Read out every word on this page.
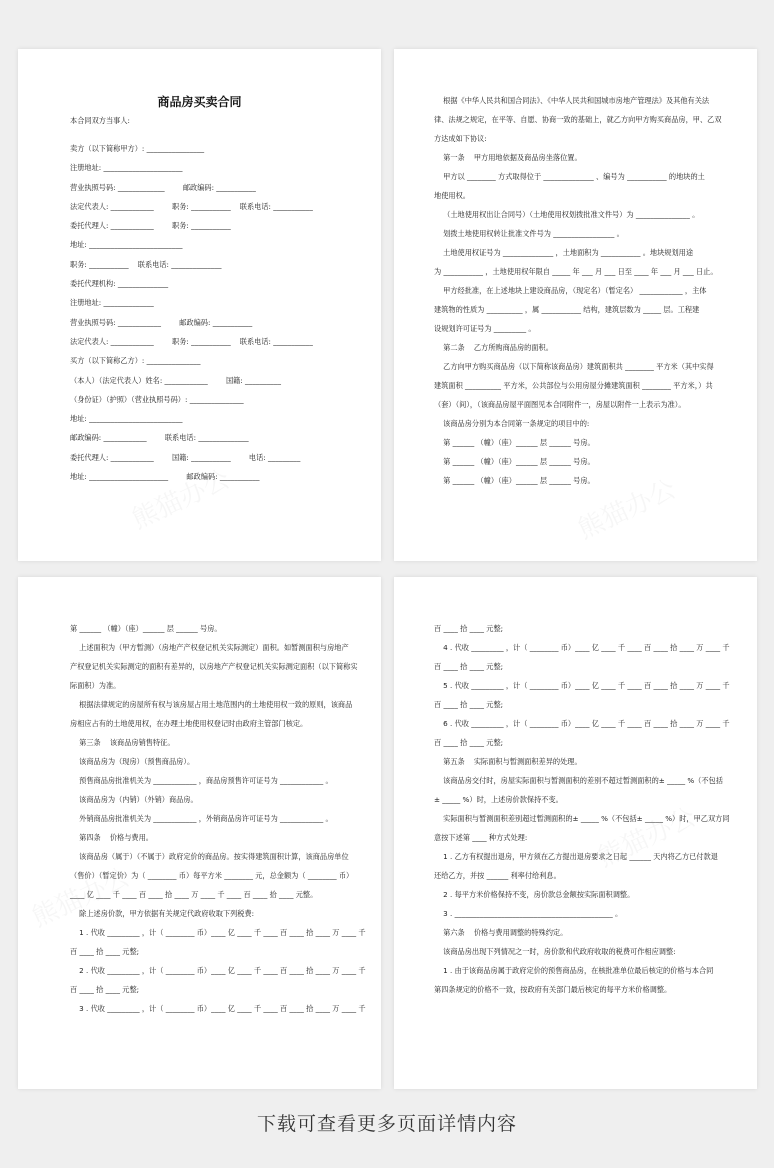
商品房买卖合同
本合同双方当事人:
卖方（以下简称甲方）: ________________
注册地址: ______________________
营业执照号码: _____________        邮政编码: ___________
法定代表人: ____________        职务: ___________    联系电话: ___________
委托代理人: ____________        职务: ___________
地址: __________________________
职务: ___________    联系电话: ______________
委托代理机构: ______________
注册地址: ______________
营业执照号码: ____________        邮政编码: ___________
法定代表人: ____________        职务: ___________    联系电话: ___________
买方（以下简称乙方）: _______________
（本人）（法定代表人）姓名: ____________        国籍: __________
（身份证）（护照）（营业执照号码）: _______________
地址: __________________________
邮政编码: ____________        联系电话: ______________
委托代理人: ____________        国籍: ___________        电话: _________
地址: ______________________        邮政编码: ___________
根据《中华人民共和国合同法》、《中华人民共和国城市房地产管理法》及其他有关法
律、法规之规定，在平等、自愿、协商一致的基础上，就乙方向甲方购买商品房，甲、乙双
方达成如下协议:
第一条    甲方用地依据及商品房坐落位置。
甲方以 ________ 方式取得位于 ______________ 、编号为 ___________ 的地块的土
地使用权。
（土地使用权出让合同号）（土地使用权划拨批准文件号）为 _______________ 。
划拨土地使用权转让批准文件号为 _________________ 。
土地使用权证号为 ______________ ，土地面积为 ___________ 。地块规划用途
为 ___________ ，土地使用权年限自 _____ 年 ___ 月 ___ 日至 ____ 年 ___ 月 ___ 日止。
甲方经批准，在上述地块上建设商品房，（现定名）（暂定名） ____________ ，主体
建筑物的性质为 __________ ，属 ___________ 结构，建筑层数为 _____ 层。工程建
设规划许可证号为 _________ 。
第二条    乙方所购商品房的面积。
乙方向甲方购买商品房（以下简称该商品房）建筑面积共 ________ 平方米（其中实得
建筑面积 __________ 平方米，公共部位与公用房屋分摊建筑面积 ________ 平方米，）共
（套）（间），（该商品房屋平面图见本合同附件一，房屋以附件一上表示为准）。
该商品房分别为本合同第一条规定的项目中的:
第 ______ （幢）（座）______ 层 ______ 号房。
第 ______ （幢）（座）______ 层 ______ 号房。
第 ______ （幢）（座）______ 层 ______ 号房。
第 ______ （幢）（座）______ 层 ______ 号房。
上述面积为（甲方暂测）（房地产产权登记机关实际测定）面积。如暂测面积与房地产
产权登记机关实际测定的面积有差异的，以房地产产权登记机关实际测定面积（以下简称实
际面积）为准。
根据法律规定的房屋所有权与该房屋占用土地范围内的土地使用权一致的原则，该商品
房相应占有的土地使用权，在办理土地使用权登记时由政府主管部门核定。
第三条    该商品房销售特征。
该商品房为（现房）（预售商品房）。
预售商品房批准机关为 ____________ ，商品房预售许可证号为 ____________ 。
该商品房为（内销）（外销）商品房。
外销商品房批准机关为 ____________ ，外销商品房许可证号为 ____________ 。
第四条    价格与费用。
该商品房（属于）（不属于）政府定价的商品房。按实得建筑面积计算，该商品房单位
（售价）（暂定价）为（ ________ 币）每平方米 ________ 元，总金额为（ ________ 币）
____ 亿 ____ 千 ____ 百 ____ 拾 ____ 万 ____ 千 ____ 百 ____ 拾 ____ 元整。
除上述房价款，甲方依据有关规定代政府收取下列税费:
1 . 代收 _________ ，计（ ________ 币）____ 亿 ____ 千 ____ 百 ____ 拾 ____ 万 ____ 千
百 ____ 拾 ____ 元整;
2 . 代收 _________ ，计（ ________ 币）____ 亿 ____ 千 ____ 百 ____ 拾 ____ 万 ____ 千
百 ____ 拾 ____ 元整;
3 . 代收 _________ ，计（ ________ 币）____ 亿 ____ 千 ____ 百 ____ 拾 ____ 万 ____ 千
百 ____ 拾 ____ 元整;
4 . 代收 _________ ，计（ ________ 币）____ 亿 ____ 千 ____ 百 ____ 拾 ____ 万 ____ 千
百 ____ 拾 ____ 元整;
5 . 代收 _________ ，计（ ________ 币）____ 亿 ____ 千 ____ 百 ____ 拾 ____ 万 ____ 千
百 ____ 拾 ____ 元整;
6 . 代收 _________ ，计（ ________ 币）____ 亿 ____ 千 ____ 百 ____ 拾 ____ 万 ____ 千
百 ____ 拾 ____ 元整;
第五条    实际面积与暂测面积差异的处理。
该商品房交付时，房屋实际面积与暂测面积的差别不超过暂测面积的± _____ %（不包括
± _____ %）时，上述房价款保持不变。
实际面积与暂测面积差别超过暂测面积的± _____ %（不包括± _____ %）时，甲乙双方同
意按下述第 ____ 种方式处理:
1 . 乙方有权提出退房，甲方须在乙方提出退房要求之日起 ______ 天内将乙方已付款退
还给乙方，并按 ______ 利率付给利息。
2 . 每平方米价格保持不变，房价款总金额按实际面积调整。
3 . ____________________________________________ 。
第六条    价格与费用调整的特殊约定。
该商品房出现下列情况之一时，房价款和代政府收取的税费可作相应调整:
1 . 由于该商品房属于政府定价的预售商品房，在核批准单位最后核定的价格与本合同
第四条规定的价格不一致，按政府有关部门最后核定的每平方米价格调整。
下载可查看更多页面详情内容
